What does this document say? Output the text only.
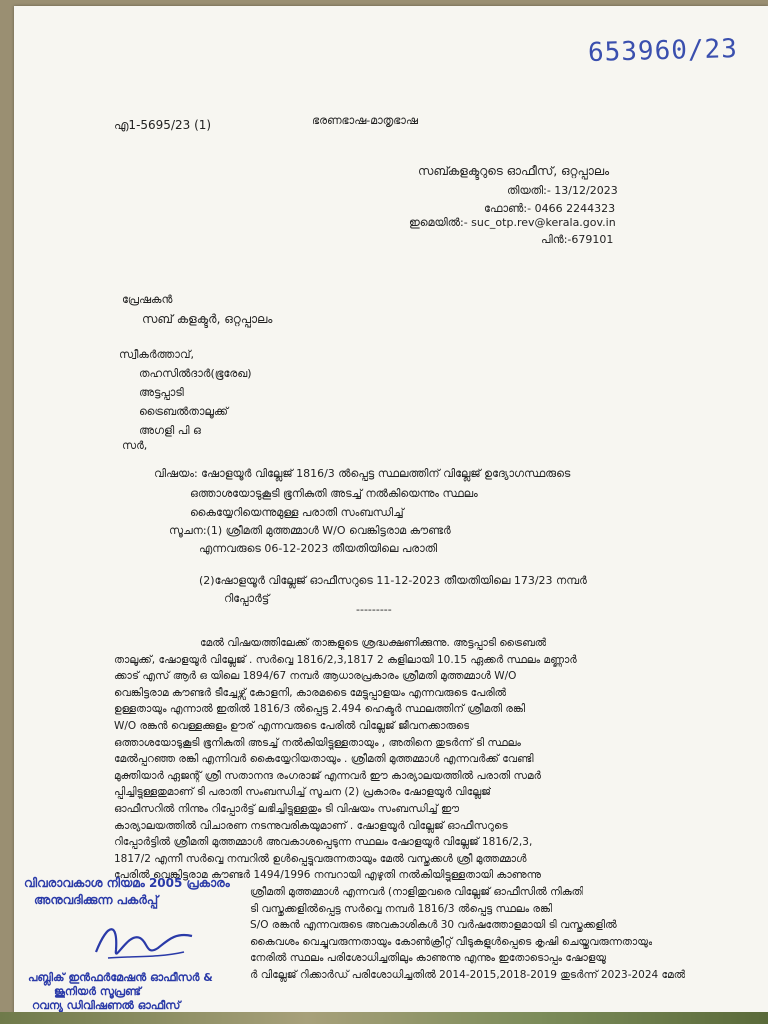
653960/23
എ1-5695/23 (1)	ഭരണഭാഷ-മാതൃഭാഷ
സബ്കളക്ടറുടെ ഓഫീസ്, ഒറ്റപ്പാലം
തിയതി:- 13/12/2023
ഫോൺ:- 0466 2244323
ഇമെയിൽ:- suc_otp.rev@kerala.gov.in
പിൻ:-679101
പ്രേഷകൻ
സബ് കളക്ടർ, ഒറ്റപ്പാലം
സ്വീകർത്താവ്,
തഹസിൽദാർ(ഭൂരേഖ)
അട്ടപ്പാടി
ട്രൈബൽതാലൂക്ക്
അഗളി പി ഒ
സർ,
വിഷയം: ഷോളയൂർ വില്ലേജ് 1816/3 ൽപ്പെട്ട സ്ഥലത്തിന് വില്ലേജ് ഉദ്യോഗസ്ഥരുടെ
ഒത്താശയോടുകൂടി ഭൂനികുതി അടച്ച് നൽകിയെന്നും സ്ഥലം
കൈയ്യേറിയെന്നുമുള്ള പരാതി സംബന്ധിച്ച്
സൂചന:(1) ശ്രീമതി മുത്തമ്മാൾ W/O വെങ്കിട്ടരാമ കൗണ്ടർ
എന്നവരുടെ 06-12-2023 തീയതിയിലെ പരാതി
(2)ഷോളയൂർ വില്ലേജ് ഓഫീസറുടെ 11-12-2023 തീയതിയിലെ 173/23 നമ്പർ
റിപ്പോർട്ട്
---------
മേൽ വിഷയത്തിലേക്ക് താങ്കളുടെ ശ്രദ്ധക്ഷണിക്കുന്നു. അട്ടപ്പാടി ട്രൈബൽ
താലൂക്ക്, ഷോളയൂർ വില്ലേജ് . സർവ്വെ 1816/2,3,1817 2 കളിലായി 10.15 ഏക്കർ സ്ഥലം മണ്ണാർ
ക്കാട് എസ് ആർ ഒ യിലെ 1894/67 നമ്പർ ആധാരപ്രകാരം ശ്രീമതി മുത്തമ്മാൾ W/O
വെങ്കിട്ടരാമ കൗണ്ടർ ടീച്ചേഴ്സ് കോളനി, കാരമടൈ മേട്ടുപ്പാളയം എന്നവരുടെ പേരിൽ
ഉള്ളതായും എന്നാൽ ഇതിൽ 1816/3 ൽപ്പെട്ട 2.494 ഹെക്ടർ സ്ഥലത്തിന് ശ്രീമതി രങ്കി
W/O രങ്കൻ വെള്ളക്കുളം ഊര് എന്നവരുടെ പേരിൽ വില്ലേജ് ജീവനക്കാരുടെ
ഒത്താശയോടുകൂടി ഭൂനികുതി അടച്ച് നൽകിയിട്ടുള്ളതായും , അതിനെ തുടർന്ന് ടി സ്ഥലം
മേൽപ്പറഞ്ഞ രങ്കി എന്നിവർ കൈയ്യേറിയതായും . ശ്രീമതി മുത്തമ്മാൾ എന്നവർക്ക് വേണ്ടി
മുക്തിയാർ ഏജന്റ് ശ്രീ സതാനന്ദ രംഗരാജ് എന്നവർ ഈ കാര്യാലയത്തിൽ പരാതി സമർ
പ്പിച്ചിട്ടുള്ളതുമാണ് ടി പരാതി സംബന്ധിച്ച് സൂചന (2) പ്രകാരം ഷോളയൂർ വില്ലേജ്
ഓഫീസറിൽ നിന്നും റിപ്പോർട്ട് ലഭിച്ചിട്ടുള്ളതും ടി വിഷയം സംബന്ധിച്ച് ഈ
കാര്യാലയത്തിൽ വിചാരണ നടന്നുവരികയുമാണ് . ഷോളയൂർ വില്ലേജ് ഓഫീസറുടെ
റിപ്പോർട്ടിൽ ശ്രീമതി മുത്തമ്മാൾ അവകാശപ്പെടുന്ന സ്ഥലം ഷോളയൂർ വില്ലേജ് 1816/2,3,
1817/2 എന്നീ സർവ്വെ നമ്പറിൽ ഉൾപ്പെട്ടുവരുന്നതായും മേൽ വസ്തുക്കൾ ശ്രീ മുത്തമ്മാൾ
പേരിൽ വെങ്കിട്ടരാമ കൗണ്ടർ 1494/1996 നമ്പറായി എഴുതി നൽകിയിട്ടുള്ളതായി കാണുന്നു
ശ്രീമതി മുത്തമ്മാൾ എന്നവർ (നാളിതുവരെ വില്ലേജ് ഓഫീസിൽ നികുതി
ടി വസ്തുക്കളിൽപ്പെട്ട സർവ്വെ നമ്പർ 1816/3 ൽപ്പെട്ട സ്ഥലം രങ്കി
S/O രങ്കൻ എന്നവരുടെ അവകാശികൾ 30 വർഷത്തോളമായി ടി വസ്തുക്കളിൽ
കൈവശം വെച്ചുവരുന്നതായും കോൺക്രീറ്റ് വീടുകളുൾപ്പെടെ കൃഷി ചെയ്തുവരുന്നതായും
നേരിൽ സ്ഥലം പരിശോധിച്ചതിലും കാണുന്നു എന്നും ഇതോടൊപ്പം ഷോളയൂ
ർ വില്ലേജ് റിക്കാർഡ് പരിശോധിച്ചതിൽ 2014-2015,2018-2019 തുടർന്ന് 2023-2024 മേൽ
വിവരാവകാശ നിയമം 2005 പ്രകാരം
അനുവദിക്കുന്ന പകർപ്പ്
പബ്ലിക് ഇൻഫർമേഷൻ ഓഫീസർ &
ജൂനിയർ സൂപ്രണ്ട്
റവന്യൂ ഡിവിഷണൽ ഓഫീസ്
